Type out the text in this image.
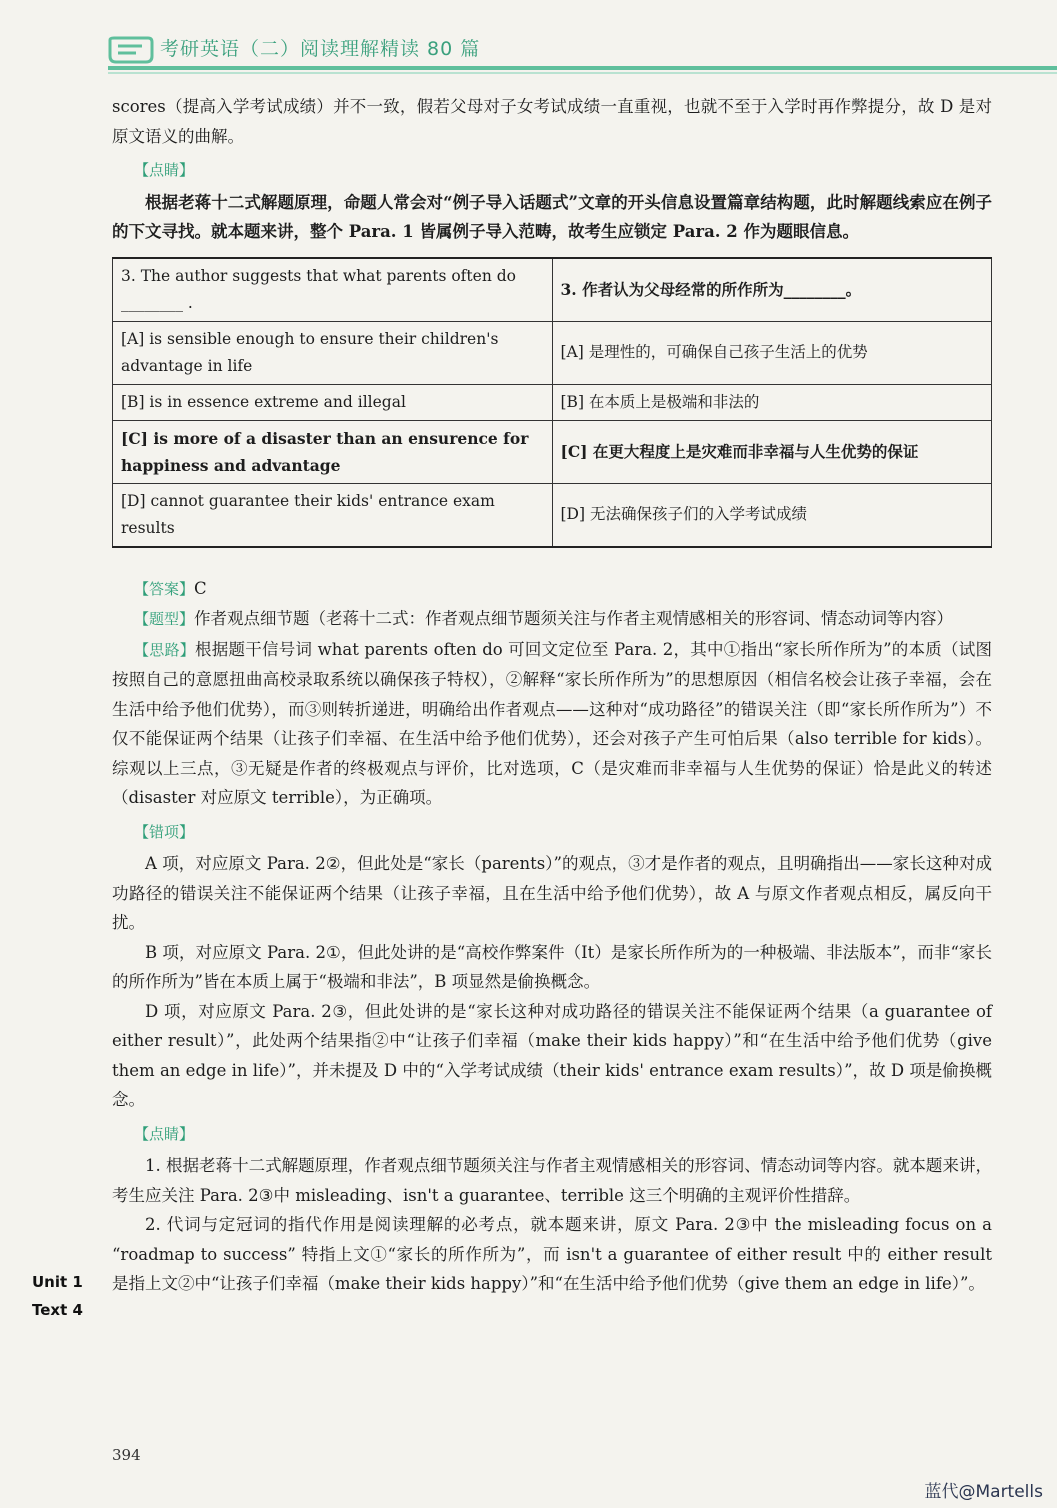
考研英语（二）阅读理解精读 80 篇

scores（提高入学考试成绩）并不一致，假若父母对子女考试成绩一直重视，也就不至于入学时再作弊提分，故 D 是对原文语义的曲解。

【点睛】

根据老蒋十二式解题原理，命题人常会对“例子导入话题式”文章的开头信息设置篇章结构题，此时解题线索应在例子的下文寻找。就本题来讲，整个 Para. 1 皆属例子导入范畴，故考生应锁定 Para. 2 作为题眼信息。

3. The author suggests that what parents often do ________ .	3. 作者认为父母经常的所作所为________。
[A] is sensible enough to ensure their children's advantage in life	[A] 是理性的，可确保自己孩子生活上的优势
[B] is in essence extreme and illegal	[B] 在本质上是极端和非法的
[C] is more of a disaster than an ensurence for happiness and advantage	[C] 在更大程度上是灾难而非幸福与人生优势的保证
[D] cannot guarantee their kids' entrance exam results	[D] 无法确保孩子们的入学考试成绩

【答案】C

【题型】作者观点细节题（老蒋十二式：作者观点细节题须关注与作者主观情感相关的形容词、情态动词等内容）

【思路】根据题干信号词 what parents often do 可回文定位至 Para. 2，其中①指出“家长所作所为”的本质（试图按照自己的意愿扭曲高校录取系统以确保孩子特权），②解释“家长所作所为”的思想原因（相信名校会让孩子幸福，会在生活中给予他们优势），而③则转折递进，明确给出作者观点——这种对“成功路径”的错误关注（即“家长所作所为”）不仅不能保证两个结果（让孩子们幸福、在生活中给予他们优势），还会对孩子产生可怕后果（also terrible for kids）。综观以上三点，③无疑是作者的终极观点与评价，比对选项，C（是灾难而非幸福与人生优势的保证）恰是此义的转述（disaster 对应原文 terrible），为正确项。

【错项】

A 项，对应原文 Para. 2②，但此处是“家长（parents）”的观点，③才是作者的观点，且明确指出——家长这种对成功路径的错误关注不能保证两个结果（让孩子幸福，且在生活中给予他们优势），故 A 与原文作者观点相反，属反向干扰。

B 项，对应原文 Para. 2①，但此处讲的是“高校作弊案件（It）是家长所作所为的一种极端、非法版本”，而非“家长的所作所为”皆在本质上属于“极端和非法”，B 项显然是偷换概念。

D 项，对应原文 Para. 2③，但此处讲的是“家长这种对成功路径的错误关注不能保证两个结果（a guarantee of either result）”，此处两个结果指②中“让孩子们幸福（make their kids happy）”和“在生活中给予他们优势（give them an edge in life）”，并未提及 D 中的“入学考试成绩（their kids' entrance exam results）”，故 D 项是偷换概念。

【点睛】

1. 根据老蒋十二式解题原理，作者观点细节题须关注与作者主观情感相关的形容词、情态动词等内容。就本题来讲，考生应关注 Para. 2③中 misleading、isn't a guarantee、terrible 这三个明确的主观评价性措辞。

2. 代词与定冠词的指代作用是阅读理解的必考点，就本题来讲，原文 Para. 2③中 the misleading focus on a “roadmap to success” 特指上文①“家长的所作所为”，而 isn't a guarantee of either result 中的 either result 是指上文②中“让孩子们幸福（make their kids happy）”和“在生活中给予他们优势（give them an edge in life）”。

Unit 1
Text 4
394
蓝代@Martells
